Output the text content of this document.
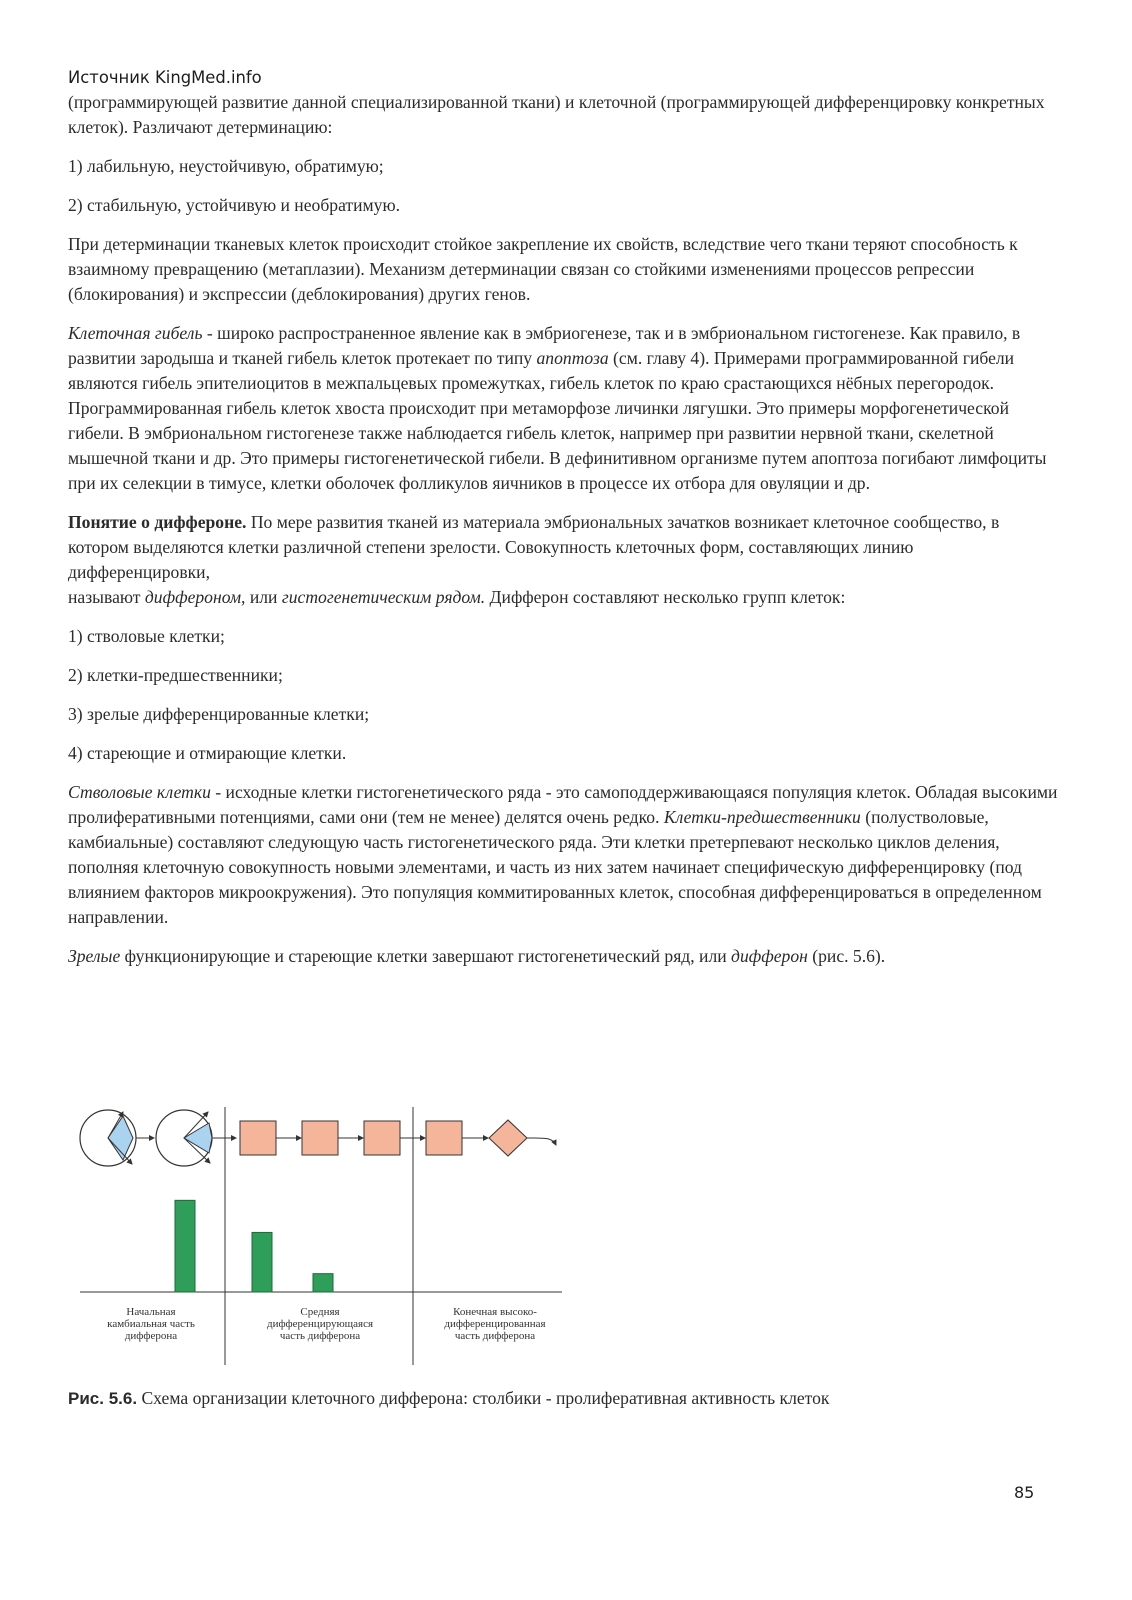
Источник KingMed.info

(программирующей развитие данной специализированной ткани) и клеточной (программирующей дифференцировку конкретных клеток). Различают детерминацию:

1) лабильную, неустойчивую, обратимую;

2) стабильную, устойчивую и необратимую.

При детерминации тканевых клеток происходит стойкое закрепление их свойств, вследствие чего ткани теряют способность к взаимному превращению (метаплазии). Механизм детерминации связан со стойкими изменениями процессов репрессии (блокирования) и экспрессии (деблокирования) других генов.

Клеточная гибель - широко распространенное явление как в эмбриогенезе, так и в эмбриональном гистогенезе. Как правило, в развитии зародыша и тканей гибель клеток протекает по типу апоптоза (см. главу 4). Примерами программированной гибели являются гибель эпителиоцитов в межпальцевых промежутках, гибель клеток по краю срастающихся нёбных перегородок. Программированная гибель клеток хвоста происходит при метаморфозе личинки лягушки. Это примеры морфогенетической гибели. В эмбриональном гистогенезе также наблюдается гибель клеток, например при развитии нервной ткани, скелетной мышечной ткани и др. Это примеры гистогенетической гибели. В дефинитивном организме путем апоптоза погибают лимфоциты при их селекции в тимусе, клетки оболочек фолликулов яичников в процессе их отбора для овуляции и др.

Понятие о диффероне. По мере развития тканей из материала эмбриональных зачатков возникает клеточное сообщество, в котором выделяются клетки различной степени зрелости. Совокупность клеточных форм, составляющих линию дифференцировки,
называют диффероном, или гистогенетическим рядом. Дифферон составляют несколько групп клеток:

1) стволовые клетки;

2) клетки-предшественники;

3) зрелые дифференцированные клетки;

4) стареющие и отмирающие клетки.

Стволовые клетки - исходные клетки гистогенетического ряда - это самоподдерживающаяся популяция клеток. Обладая высокими пролиферативными потенциями, сами они (тем не менее) делятся очень редко. Клетки-предшественники (полустволовые, камбиальные) составляют следующую часть гистогенетического ряда. Эти клетки претерпевают несколько циклов деления, пополняя клеточную совокупность новыми элементами, и часть из них затем начинает специфическую дифференцировку (под влиянием факторов микроокружения). Это популяция коммитированных клеток, способная дифференцироваться в определенном направлении.

Зрелые функционирующие и стареющие клетки завершают гистогенетический ряд, или дифферон (рис. 5.6).

Начальная
камбиальная часть
дифферона
Средняя
дифференцирующаяся
часть дифферона
Конечная высоко-
дифференцированная
часть дифферона
Рис. 5.6. Схема организации клеточного дифферона: столбики - пролиферативная активность клеток
85
